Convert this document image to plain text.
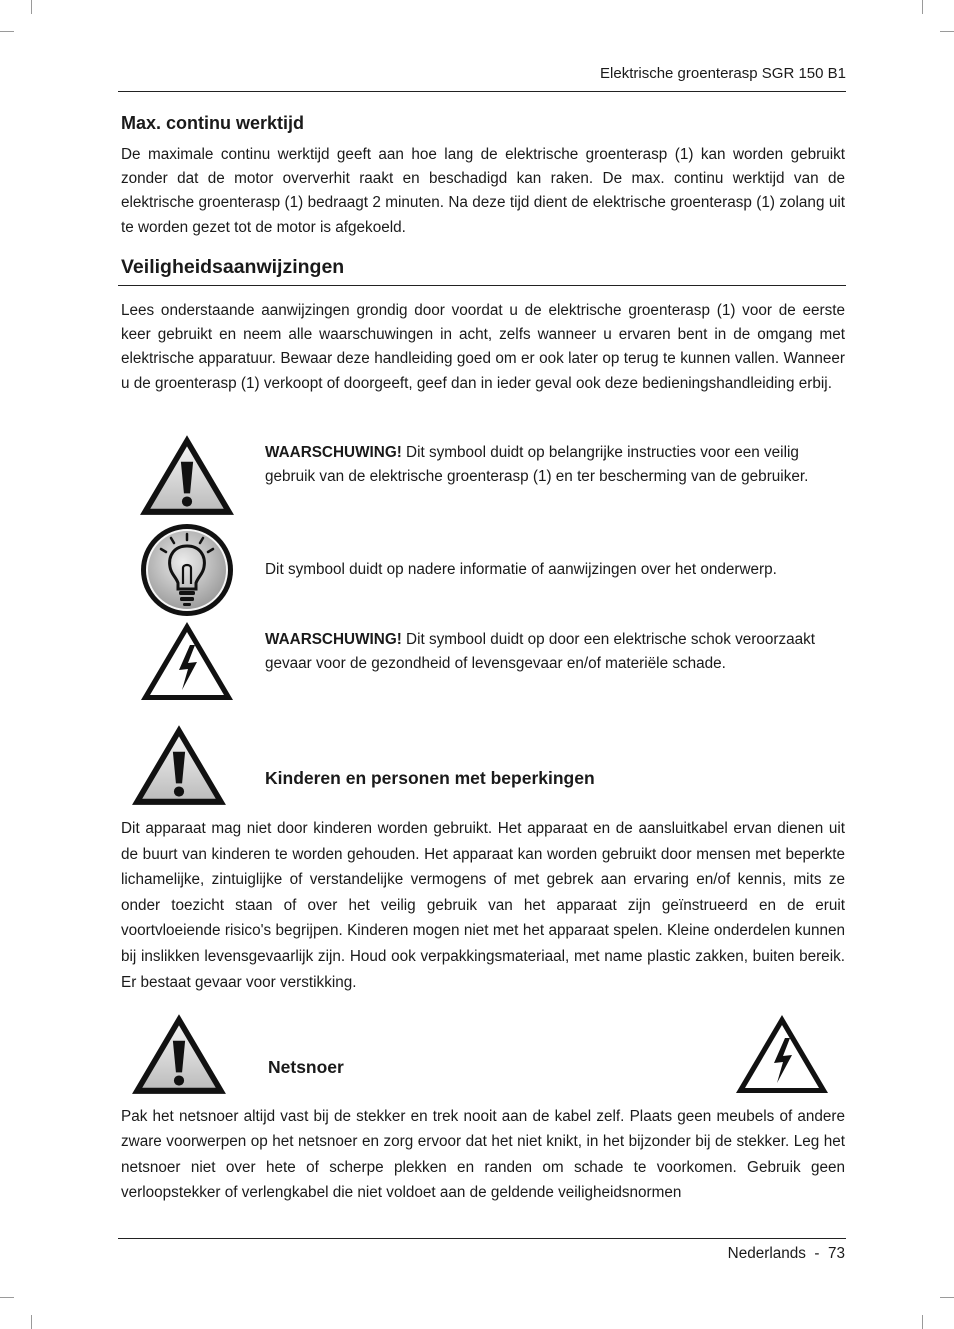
Elektrische groenterasp SGR 150 B1
Max. continu werktijd

De maximale continu werktijd geeft aan hoe lang de elektrische groenterasp (1) kan worden gebruikt zonder dat de motor oververhit raakt en beschadigd kan raken. De max. continu werktijd van de elektrische groenterasp (1) bedraagt 2 minuten. Na deze tijd dient de elektrische groenterasp (1) zolang uit te worden gezet tot de motor is afgekoeld.

Veiligheidsaanwijzingen

Lees onderstaande aanwijzingen grondig door voordat u de elektrische groenterasp (1) voor de eerste keer gebruikt en neem alle waarschuwingen in acht, zelfs wanneer u ervaren bent in de omgang met elektrische apparatuur. Bewaar deze handleiding goed om er ook later op terug te kunnen vallen. Wanneer u de groenterasp (1) verkoopt of doorgeeft, geef dan in ieder geval ook deze bedieningshandleiding erbij.

WAARSCHUWING! Dit symbool duidt op belangrijke instructies voor een veilig gebruik van de elektrische groenterasp (1) en ter bescherming van de gebruiker.

Dit symbool duidt op nadere informatie of aanwijzingen over het onderwerp.

WAARSCHUWING! Dit symbool duidt op door een elektrische schok veroorzaakt gevaar voor de gezondheid of levensgevaar en/of materiële schade.

Kinderen en personen met beperkingen

Dit apparaat mag niet door kinderen worden gebruikt. Het apparaat en de aansluitkabel ervan dienen uit de buurt van kinderen te worden gehouden. Het apparaat kan worden gebruikt door mensen met beperkte lichamelijke, zintuiglijke of verstandelijke vermogens of met gebrek aan ervaring en/of kennis, mits ze onder toezicht staan of over het veilig gebruik van het apparaat zijn geïnstrueerd en de eruit voortvloeiende risico's begrijpen. Kinderen mogen niet met het apparaat spelen. Kleine onderdelen kunnen bij inslikken levensgevaarlijk zijn. Houd ook verpakkingsmateriaal, met name plastic zakken, buiten bereik. Er bestaat gevaar voor verstikking.

Netsnoer

Pak het netsnoer altijd vast bij de stekker en trek nooit aan de kabel zelf. Plaats geen meubels of andere zware voorwerpen op het netsnoer en zorg ervoor dat het niet knikt, in het bijzonder bij de stekker. Leg het netsnoer niet over hete of scherpe plekken en randen om schade te voorkomen. Gebruik geen verloopstekker of verlengkabel die niet voldoet aan de geldende veiligheidsnormen

Nederlands  -  73
